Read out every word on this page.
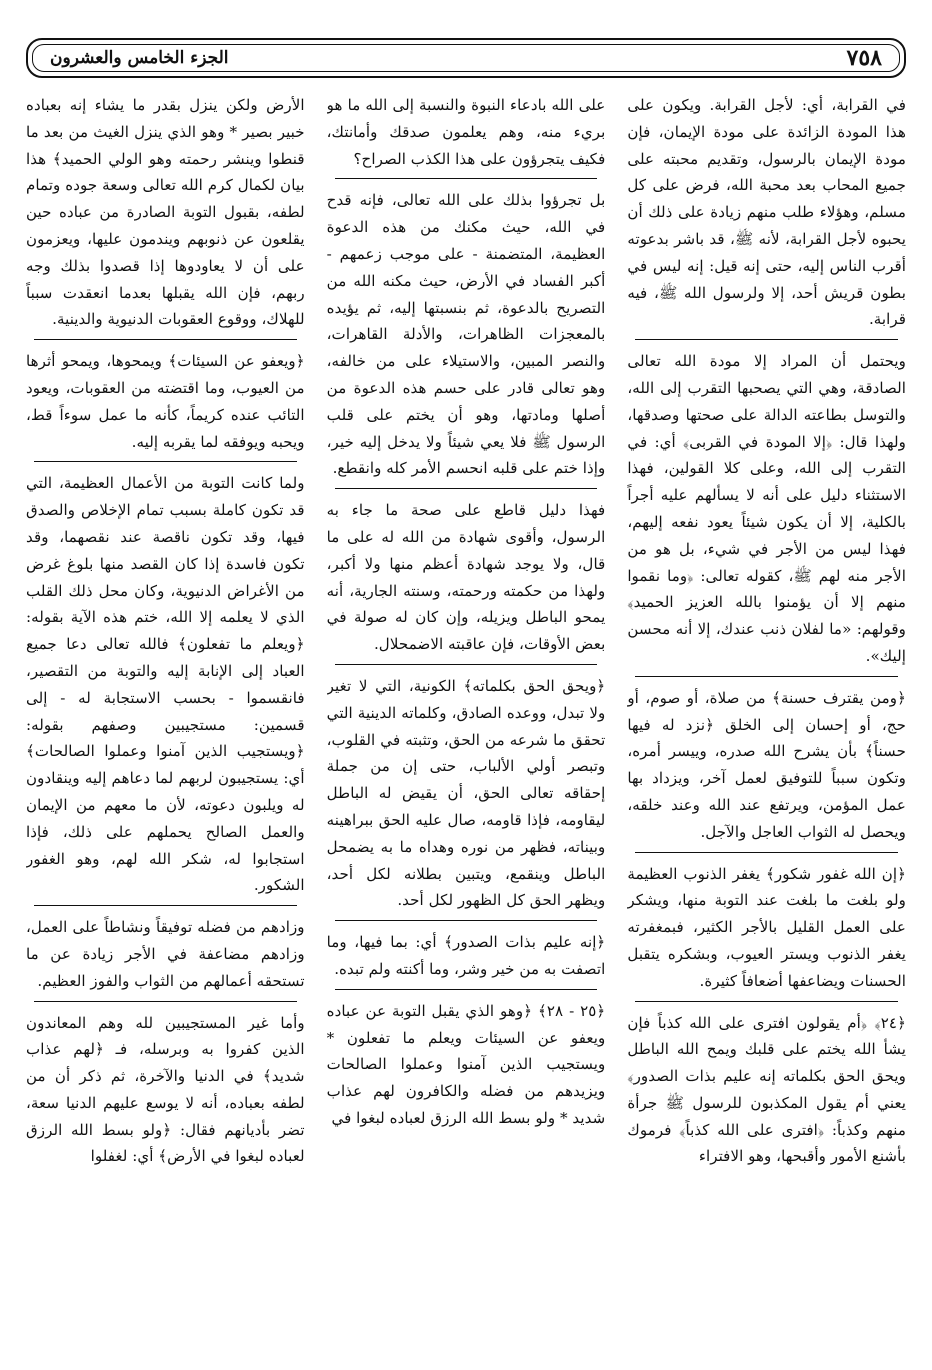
٧٥٨
الجزء الخامس والعشرون

في القرابة، أي: لأجل القرابة. ويكون على هذا المودة الزائدة على مودة الإيمان، فإن مودة الإيمان بالرسول، وتقديم محبته على جميع المحاب بعد محبة الله، فرض على كل مسلم، وهؤلاء طلب منهم زيادة على ذلك أن يحبوه لأجل القرابة، لأنه ﷺ، قد باشر بدعوته أقرب الناس إليه، حتى إنه قيل: إنه ليس في بطون قريش أحد، إلا ولرسول الله ﷺ، فيه قرابة.

ويحتمل أن المراد إلا مودة الله تعالى الصادقة، وهي التي يصحبها التقرب إلى الله، والتوسل بطاعته الدالة على صحتها وصدقها، ولهذا قال: ﴿إلا المودة في القربى﴾ أي: في التقرب إلى الله، وعلى كلا القولين، فهذا الاستثناء دليل على أنه لا يسألهم عليه أجراً بالكلية، إلا أن يكون شيئاً يعود نفعه إليهم، فهذا ليس من الأجر في شيء، بل هو من الأجر منه لهم ﷺ، كقوله تعالى: ﴿وما نقموا منهم إلا أن يؤمنوا بالله العزيز الحميد﴾ وقولهم: «ما لفلان ذنب عندك، إلا أنه محسن إليك».

﴿ومن يقترف حسنة﴾ من صلاة، أو صوم، أو حج، أو إحسان إلى الخلق ﴿نزد له فيها حسناً﴾ بأن يشرح الله صدره، وييسر أمره، وتكون سبباً للتوفيق لعمل آخر، ويزداد بها عمل المؤمن، ويرتفع عند الله وعند خلقه، ويحصل له الثواب العاجل والآجل.

﴿إن الله غفور شكور﴾ يغفر الذنوب العظيمة ولو بلغت ما بلغت عند التوبة منها، ويشكر على العمل القليل بالأجر الكثير، فبمغفرته يغفر الذنوب ويستر العيوب، وبشكره يتقبل الحسنات ويضاعفها أضعافاً كثيرة.

﴿٢٤﴾ ﴿أم يقولون افترى على الله كذباً فإن يشأ الله يختم على قلبك ويمح الله الباطل ويحق الحق بكلماته إنه عليم بذات الصدور﴾ يعني أم يقول المكذبون للرسول ﷺ جرأة منهم وكذباً: ﴿افترى على الله كذباً﴾ فرموك بأشنع الأمور وأقبحها، وهو الافتراء

على الله بادعاء النبوة والنسبة إلى الله ما هو بريء منه، وهم يعلمون صدقك وأمانتك، فكيف يتجرؤون على هذا الكذب الصراح؟

بل تجرؤوا بذلك على الله تعالى، فإنه قدح في الله، حيث مكنك من هذه الدعوة العظيمة، المتضمنة - على موجب زعمهم - أكبر الفساد في الأرض، حيث مكنه الله من التصريح بالدعوة، ثم بنسبتها إليه، ثم يؤيده بالمعجزات الظاهرات، والأدلة القاهرات، والنصر المبين، والاستيلاء على من خالفه، وهو تعالى قادر على حسم هذه الدعوة من أصلها ومادتها، وهو أن يختم على قلب الرسول ﷺ فلا يعي شيئاً ولا يدخل إليه خير، وإذا ختم على قلبه انحسم الأمر كله وانقطع.

فهذا دليل قاطع على صحة ما جاء به الرسول، وأقوى شهادة من الله له على ما قال، ولا يوجد شهادة أعظم منها ولا أكبر، ولهذا من حكمته ورحمته، وسنته الجارية، أنه يمحو الباطل ويزيله، وإن كان له صولة في بعض الأوقات، فإن عاقبته الاضمحلال.

﴿ويحق الحق بكلماته﴾ الكونية، التي لا تغير ولا تبدل، ووعده الصادق، وكلماته الدينية التي تحقق ما شرعه من الحق، وتثبته في القلوب، وتبصر أولي الألباب، حتى إن من جملة إحقاقه تعالى الحق، أن يقيض له الباطل ليقاومه، فإذا قاومه، صال عليه الحق ببراهينه وبيناته، فظهر من نوره وهداه ما به يضمحل الباطل وينقمع، ويتبين بطلانه لكل أحد، ويظهر الحق كل الظهور لكل أحد.

﴿إنه عليم بذات الصدور﴾ أي: بما فيها، وما اتصفت به من خير وشر، وما أكنته ولم تبده.

﴿٢٥ - ٢٨﴾ ﴿وهو الذي يقبل التوبة عن عباده ويعفو عن السيئات ويعلم ما تفعلون * ويستجيب الذين آمنوا وعملوا الصالحات ويزيدهم من فضله والكافرون لهم عذاب شديد * ولو بسط الله الرزق لعباده لبغوا في

الأرض ولكن ينزل بقدر ما يشاء إنه بعباده خبير بصير * وهو الذي ينزل الغيث من بعد ما قنطوا وينشر رحمته وهو الولي الحميد﴾ هذا بيان لكمال كرم الله تعالى وسعة جوده وتمام لطفه، بقبول التوبة الصادرة من عباده حين يقلعون عن ذنوبهم ويندمون عليها، ويعزمون على أن لا يعاودوها إذا قصدوا بذلك وجه ربهم، فإن الله يقبلها بعدما انعقدت سبباً للهلاك، ووقوع العقوبات الدنيوية والدينية.

﴿ويعفو عن السيئات﴾ ويمحوها، ويمحو أثرها من العيوب، وما اقتضته من العقوبات، ويعود التائب عنده كريماً، كأنه ما عمل سوءاً قط، ويحبه ويوفقه لما يقربه إليه.

ولما كانت التوبة من الأعمال العظيمة، التي قد تكون كاملة بسبب تمام الإخلاص والصدق فيها، وقد تكون ناقصة عند نقصهما، وقد تكون فاسدة إذا كان القصد منها بلوغ غرض من الأغراض الدنيوية، وكان محل ذلك القلب الذي لا يعلمه إلا الله، ختم هذه الآية بقوله: ﴿ويعلم ما تفعلون﴾ فالله تعالى دعا جميع العباد إلى الإنابة إليه والتوبة من التقصير، فانقسموا - بحسب الاستجابة له - إلى قسمين: مستجيبين وصفهم بقوله: ﴿ويستجيب الذين آمنوا وعملوا الصالحات﴾ أي: يستجيبون لربهم لما دعاهم إليه وينقادون له ويلبون دعوته، لأن ما معهم من الإيمان والعمل الصالح يحملهم على ذلك، فإذا استجابوا له، شكر الله لهم، وهو الغفور الشكور.

وزادهم من فضله توفيقاً ونشاطاً على العمل، وزادهم مضاعفة في الأجر زيادة عن ما تستحقه أعمالهم من الثواب والفوز العظيم.

وأما غير المستجيبين لله وهم المعاندون الذين كفروا به وبرسله، فـ ﴿لهم عذاب شديد﴾ في الدنيا والآخرة، ثم ذكر أن من لطفه بعباده، أنه لا يوسع عليهم الدنيا سعة، تضر بأديانهم فقال: ﴿ولو بسط الله الرزق لعباده لبغوا في الأرض﴾ أي: لغفلوا
